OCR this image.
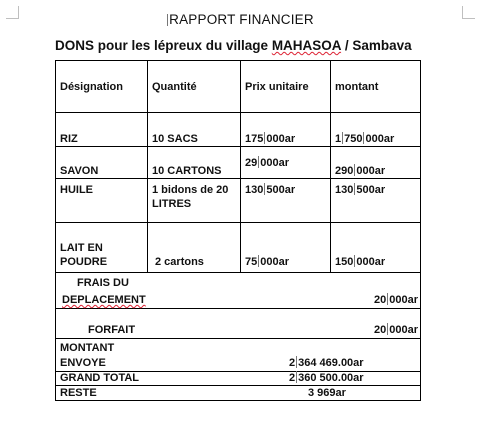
RAPPORT FINANCIER
DONS pour les lépreux du village MAHASOA / Sambava
Désignation	Quantité	Prix unitaire	montant
RIZ	10 SACS	175 000ar	1 750 000ar
SAVON	10 CARTONS	29 000ar	290 000ar
HUILE	1 bidons de 20 LITRES	130 500ar	130 500ar

LAIT EN
POUDRE	2 cartons	75 000ar	150 000ar

FRAIS DU
DEPLACEMENT 20 000ar			

FORFAIT 20 000ar			

MONTANT
ENVOYE 2 364 469.00ar			

GRAND TOTAL 2 360 500.00ar			

RESTE 3 969ar			
